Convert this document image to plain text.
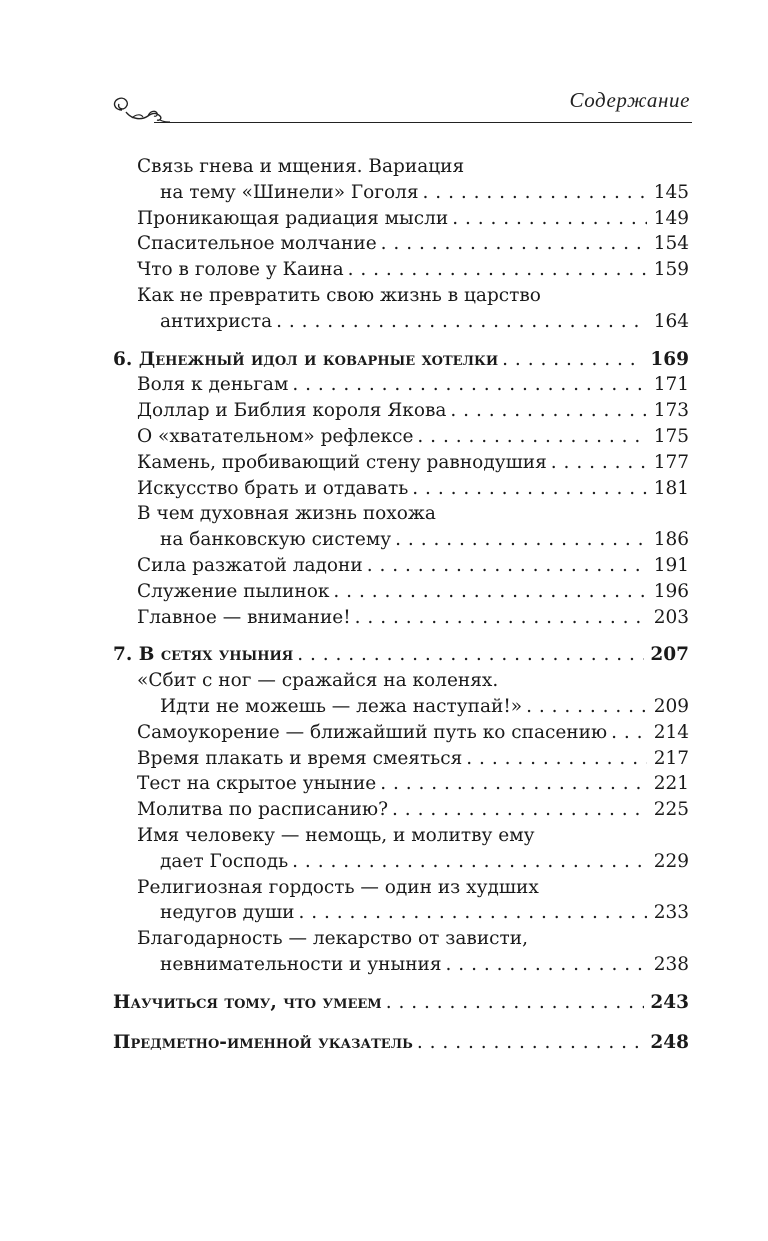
Содержание
Связь гнева и мщения. Вариация
на тему «Шинели» Гоголя . . .	145
Проникающая радиация мысли . . .	149
Спасительное молчание . . .	154
Что в голове у Каина . . .	159
Как не превратить свою жизнь в царство
антихриста . . .	164
6. Денежный идол и коварные хотелки . . .	169
Воля к деньгам . . .	171
Доллар и Библия короля Якова . . .	173
О «хватательном» рефлексе . . .	175
Камень, пробивающий стену равнодушия . . .	177
Искусство брать и отдавать . . .	181
В чем духовная жизнь похожа
на банковскую систему . . .	186
Сила разжатой ладони . . .	191
Служение пылинок . . .	196
Главное — внимание! . . .	203
7. В сетях уныния . . .	207
«Сбит с ног — сражайся на коленях.
Идти не можешь — лежа наступай!» . . .	209
Самоукорение — ближайший путь ко спасению . . .	214
Время плакать и время смеяться . . .	217
Тест на скрытое уныние . . .	221
Молитва по расписанию? . . .	225
Имя человеку — немощь, и молитву ему
дает Господь . . .	229
Религиозная гордость — один из худших
недугов души . . .	233
Благодарность — лекарство от зависти,
невнимательности и уныния . . .	238
Научиться тому, что умеем . . .	243
Предметно-именной указатель . . .	248
